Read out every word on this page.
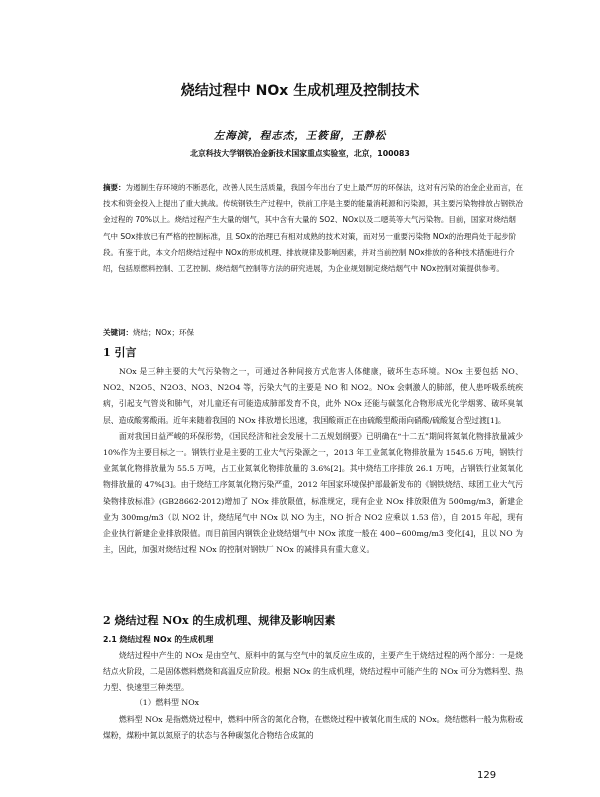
烧结过程中 NOx 生成机理及控制技术
左海滨，程志杰，王筱留，王静松
北京科技大学钢铁冶金新技术国家重点实验室，北京，100083
摘要：为遏制生存环境的不断恶化，改善人民生活质量，我国今年出台了史上最严厉的环保法，这对有污染的冶金企业而言，在技术和资金投入上提出了重大挑战。传统钢铁生产过程中，铁前工序是主要的能量消耗源和污染源，其主要污染物排放占钢铁冶金过程的 70%以上。烧结过程产生大量的烟气，其中含有大量的 SO2、NOx以及二噁英等大气污染物。目前，国家对烧结烟气中 SOx排放已有严格的控制标准，且 SOx的治理已有相对成熟的技术对策，而对另一重要污染物 NOx的治理尚处于起步阶段。有鉴于此，本文介绍烧结过程中 NOx的形成机理、排放规律及影响因素，并对当前控制 NOx排放的各种技术措施进行介绍，包括原燃料控制、工艺控制、烧结烟气控制等方法的研究进展，为企业规划制定烧结烟气中 NOx控制对策提供参考。
关键词：烧结；NOx；环保
1 引言

NOx 是三种主要的大气污染物之一，可通过各种间接方式危害人体健康，破坏生态环境。NOx 主要包括 NO、NO2、N2O5、N2O3、NO3、N2O4 等，污染大气的主要是 NO 和 NO2。NOx 会刺激人的肺部，使人患呼吸系统疾病，引起支气管炎和肺气，对儿童还有可能造成肺部发育不良，此外 NOx 还能与碳氢化合物形成光化学烟雾、破坏臭氧层、造成酸雾酸雨。近年来随着我国的 NOx 排放增长迅速，我国酸雨正在由硫酸型酸雨向硝酸/硫酸复合型过渡[1]。

面对我国日益严峻的环保形势，《国民经济和社会发展十二五规划纲要》已明确在“十二五”期间将氮氧化物排放量减少 10%作为主要目标之一。钢铁行业是主要的工业大气污染源之一，2013 年工业氮氧化物排放量为 1545.6 万吨，钢铁行业氮氧化物排放量为 55.5 万吨，占工业氮氧化物排放量的 3.6%[2]。其中烧结工序排放 26.1 万吨，占钢铁行业氮氧化物排放量的 47%[3]。由于烧结工序氮氧化物污染严重，2012 年国家环境保护部最新发布的《钢铁烧结、球团工业大气污染物排放标准》(GB28662-2012)增加了 NOx 排放限值，标准规定，现有企业 NOx 排放限值为 500mg/m3，新建企业为 300mg/m3（以 NO2 计，烧结尾气中 NOx 以 NO 为主，NO 折合 NO2 应乘以 1.53 倍），自 2015 年起，现有企业执行新建企业排放限值。而目前国内钢铁企业烧结烟气中 NOx 浓度一般在 400~600mg/m3 变化[4]，且以 NO 为主，因此，加强对烧结过程 NOx 的控制对钢铁厂 NOx 的减排具有重大意义。

2 烧结过程 NOx 的生成机理、规律及影响因素
2.1 烧结过程 NOx 的生成机理

烧结过程中产生的 NOx 是由空气、原料中的氮与空气中的氧反应生成的，主要产生于烧结过程的两个部分：一是烧结点火阶段，二是固体燃料燃烧和高温反应阶段。根据 NOx 的生成机理，烧结过程中可能产生的 NOx 可分为燃料型、热力型、快速型三种类型。

（1）燃料型 NOx

燃料型 NOx 是指燃烧过程中，燃料中所含的氮化合物，在燃烧过程中被氧化而生成的 NOx。烧结燃料一般为焦粉或煤粉，煤粉中氮以氮原子的状态与各种碳氢化合物结合成氮的

129
